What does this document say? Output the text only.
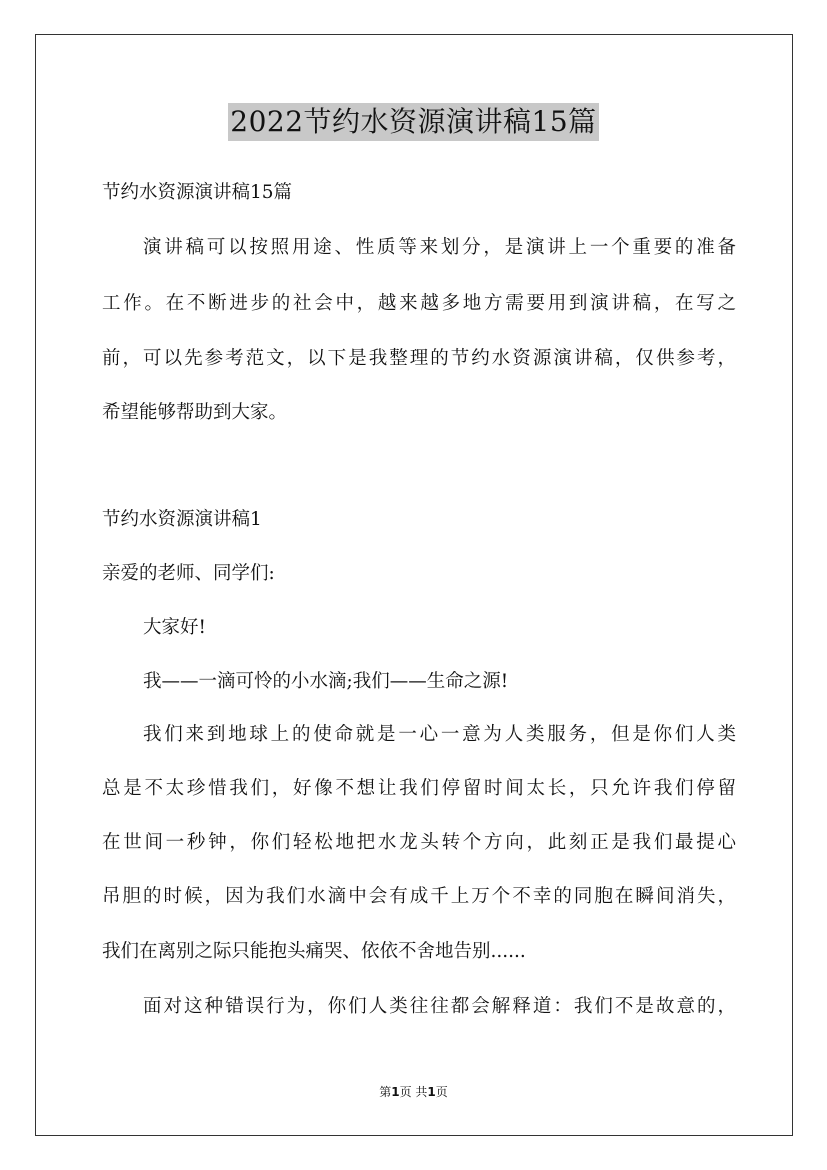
2022节约水资源演讲稿15篇
节约水资源演讲稿15篇
演讲稿可以按照用途、性质等来划分，是演讲上一个重要的准备
工作。在不断进步的社会中，越来越多地方需要用到演讲稿，在写之
前，可以先参考范文，以下是我整理的节约水资源演讲稿，仅供参考，
希望能够帮助到大家。
节约水资源演讲稿1
亲爱的老师、同学们:
大家好!
我——一滴可怜的小水滴;我们——生命之源!
我们来到地球上的使命就是一心一意为人类服务，但是你们人类
总是不太珍惜我们，好像不想让我们停留时间太长，只允许我们停留
在世间一秒钟，你们轻松地把水龙头转个方向，此刻正是我们最提心
吊胆的时候，因为我们水滴中会有成千上万个不幸的同胞在瞬间消失，
我们在离别之际只能抱头痛哭、依依不舍地告别......
面对这种错误行为，你们人类往往都会解释道：我们不是故意的，
第1页 共1页
